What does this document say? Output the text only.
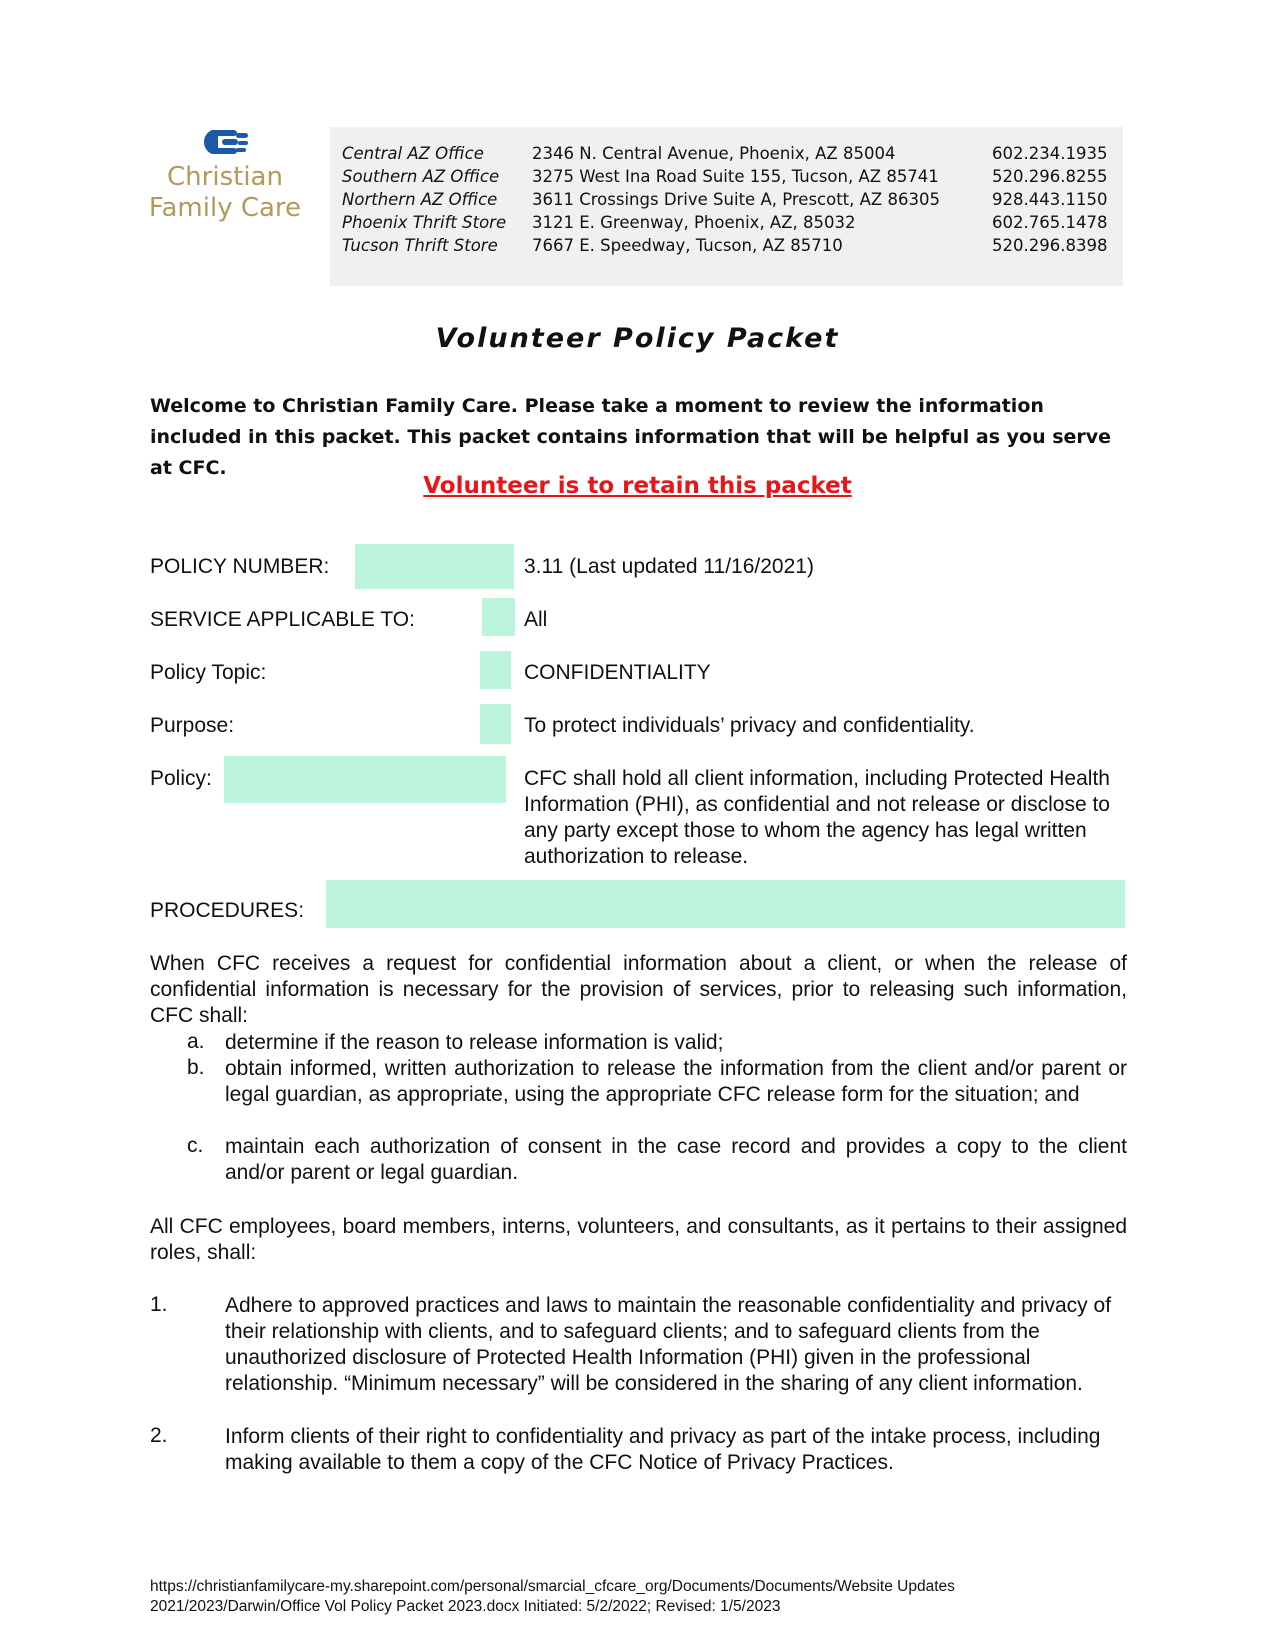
Christian
Family Care
Central AZ Office	2346 N. Central Avenue, Phoenix, AZ 85004	602.234.1935
Southern AZ Office 3275 West Ina Road Suite 155, Tucson, AZ 85741	520.296.8255
Northern AZ Office 3611 Crossings Drive Suite A, Prescott, AZ 86305	928.443.1150
Phoenix Thrift Store 3121 E. Greenway, Phoenix, AZ, 85032	602.765.1478
Tucson Thrift Store 7667 E. Speedway, Tucson, AZ 85710	520.296.8398
Volunteer Policy Packet
Welcome to Christian Family Care. Please take a moment to review the information included in this packet. This packet contains information that will be helpful as you serve at CFC.
Volunteer is to retain this packet
POLICY NUMBER:	3.11 (Last updated 11/16/2021)
SERVICE APPLICABLE TO:	All
Policy Topic:	CONFIDENTIALITY
Purpose:	To protect individuals’ privacy and confidentiality.
Policy:	CFC shall hold all client information, including Protected Health Information (PHI), as confidential and not release or disclose to any party except those to whom the agency has legal written authorization to release.
PROCEDURES:
When CFC receives a request for confidential information about a client, or when the release of confidential information is necessary for the provision of services, prior to releasing such information, CFC shall:
a. determine if the reason to release information is valid;
b. obtain informed, written authorization to release the information from the client and/or parent or legal guardian, as appropriate, using the appropriate CFC release form for the situation; and
c. maintain each authorization of consent in the case record and provides a copy to the client and/or parent or legal guardian.
All CFC employees, board members, interns, volunteers, and consultants, as it pertains to their assigned roles, shall:
1.	Adhere to approved practices and laws to maintain the reasonable confidentiality and privacy of their relationship with clients, and to safeguard clients; and to safeguard clients from the unauthorized disclosure of Protected Health Information (PHI) given in the professional relationship. “Minimum necessary” will be considered in the sharing of any client information.
2.	Inform clients of their right to confidentiality and privacy as part of the intake process, including making available to them a copy of the CFC Notice of Privacy Practices.
https://christianfamilycare-my.sharepoint.com/personal/smarcial_cfcare_org/Documents/Documents/Website Updates
2021/2023/Darwin/Office Vol Policy Packet 2023.docx Initiated: 5/2/2022; Revised: 1/5/2023
